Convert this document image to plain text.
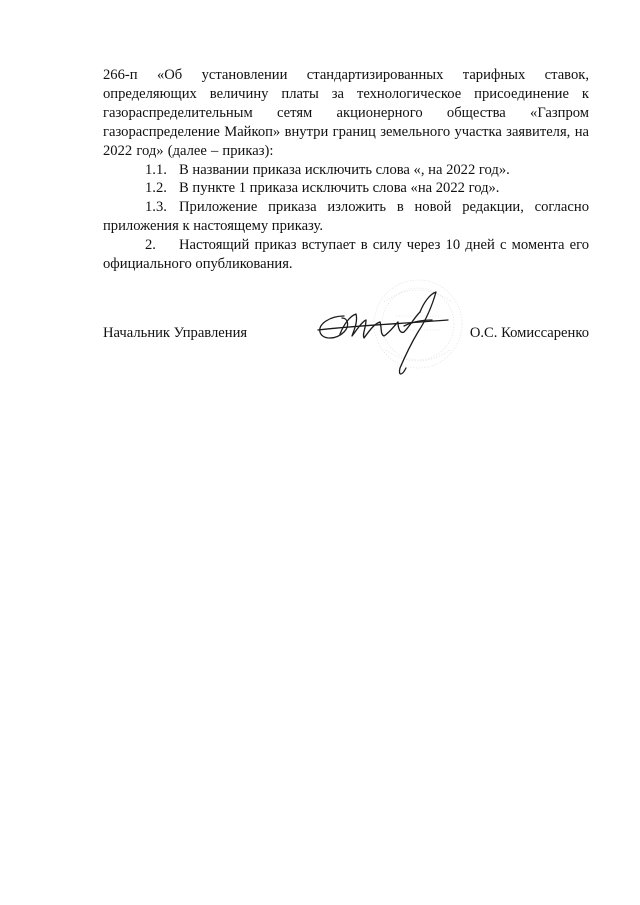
266-п «Об установлении стандартизированных тарифных ставок, определяющих величину платы за технологическое присоединение к газораспределительным сетям акционерного общества «Газпром газораспределение Майкоп» внутри границ земельного участка заявителя, на 2022 год» (далее – приказ):

1.1. В названии приказа исключить слова «, на 2022 год».

1.2. В пункте 1 приказа исключить слова «на 2022 год».

1.3. Приложение приказа изложить в новой редакции, согласно приложения к настоящему приказу.

2. Настоящий приказ вступает в силу через 10 дней с момента его официального опубликования.

Начальник Управления	О.С. Комиссаренко
